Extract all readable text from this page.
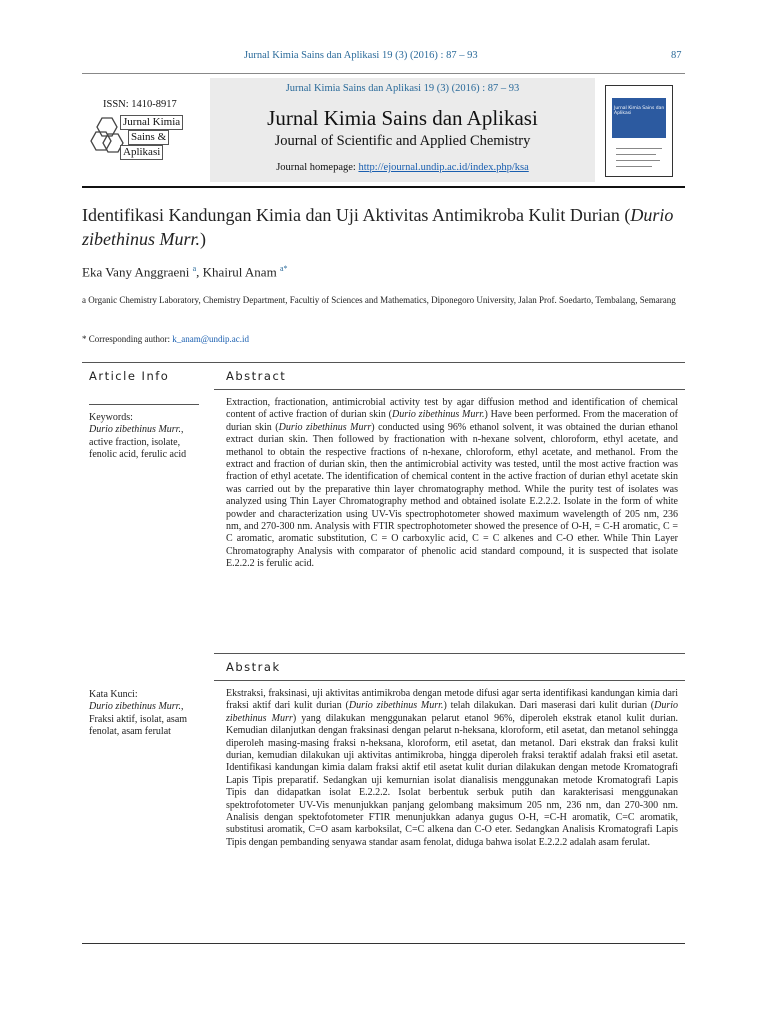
Jurnal Kimia Sains dan Aplikasi 19 (3) (2016) : 87 – 93	87
ISSN: 1410-8917
Jurnal Kimia
Sains &
Aplikasi
Jurnal Kimia Sains dan Aplikasi 19 (3) (2016) : 87 – 93
Jurnal Kimia Sains dan Aplikasi
Journal of Scientific and Applied Chemistry
Journal homepage: http://ejournal.undip.ac.id/index.php/ksa
Jurnal Kimia Sains dan Aplikasi
Identifikasi Kandungan Kimia dan Uji Aktivitas Antimikroba Kulit Durian (Durio zibethinus Murr.)
Eka Vany Anggraeni $^a$, Khairul Anam $^{a*}$
a Organic Chemistry Laboratory, Chemistry Department, Facultiy of Sciences and Mathematics, Diponegoro University, Jalan Prof. Soedarto, Tembalang, Semarang
* Corresponding author: k_anam@undip.ac.id
Article Info	Abstract
Keywords:
Durio zibethinus Murr., active fraction, isolate, fenolic acid, ferulic acid
Extraction, fractionation, antimicrobial activity test by agar diffusion method and identification of chemical content of active fraction of durian skin (Durio zibethinus Murr.) Have been performed. From the maceration of durian skin (Durio zibethinus Murr) conducted using 96% ethanol solvent, it was obtained the durian ethanol extract durian skin. Then followed by fractionation with n-hexane solvent, chloroform, ethyl acetate, and methanol to obtain the respective fractions of n-hexane, chloroform, ethyl acetate, and methanol. From the extract and fraction of durian skin, then the antimicrobial activity was tested, until the most active fraction was fraction of ethyl acetate. The identification of chemical content in the active fraction of durian ethyl acetate skin was carried out by the preparative thin layer chromatography method. While the purity test of isolates was analyzed using Thin Layer Chromatography method and obtained isolate E.2.2.2. Isolate in the form of white powder and characterization using UV-Vis spectrophotometer showed maximum wavelength of 205 nm, 236 nm, and 270-300 nm. Analysis with FTIR spectrophotometer showed the presence of O-H, = C-H aromatic, C = C aromatic, aromatic substitution, C = O carboxylic acid, C = C alkenes and C-O ether. While Thin Layer Chromatography Analysis with comparator of phenolic acid standard compound, it is suspected that isolate E.2.2.2 is ferulic acid.
Abstrak
Kata Kunci:
Durio zibethinus Murr., Fraksi aktif, isolat, asam fenolat, asam ferulat
Ekstraksi, fraksinasi, uji aktivitas antimikroba dengan metode difusi agar serta identifikasi kandungan kimia dari fraksi aktif dari kulit durian (Durio zibethinus Murr.) telah dilakukan. Dari maserasi dari kulit durian (Durio zibethinus Murr) yang dilakukan menggunakan pelarut etanol 96%, diperoleh ekstrak etanol kulit durian. Kemudian dilanjutkan dengan fraksinasi dengan pelarut n-heksana, kloroform, etil asetat, dan metanol sehingga diperoleh masing-masing fraksi n-heksana, kloroform, etil asetat, dan metanol. Dari ekstrak dan fraksi kulit durian, kemudian dilakukan uji aktivitas antimikroba, hingga diperoleh fraksi teraktif adalah fraksi etil asetat. Identifikasi kandungan kimia dalam fraksi aktif etil asetat kulit durian dilakukan dengan metode Kromatografi Lapis Tipis preparatif. Sedangkan uji kemurnian isolat dianalisis menggunakan metode Kromatografi Lapis Tipis dan didapatkan isolat E.2.2.2. Isolat berbentuk serbuk putih dan karakterisasi menggunakan spektrofotometer UV-Vis menunjukkan panjang gelombang maksimum 205 nm, 236 nm, dan 270-300 nm. Analisis dengan spektofotometer FTIR menunjukkan adanya gugus O-H, =C-H aromatik, C=C aromatik, substitusi aromatik, C=O asam karboksilat, C=C alkena dan C-O eter. Sedangkan Analisis Kromatografi Lapis Tipis dengan pembanding senyawa standar asam fenolat, diduga bahwa isolat E.2.2.2 adalah asam ferulat.
